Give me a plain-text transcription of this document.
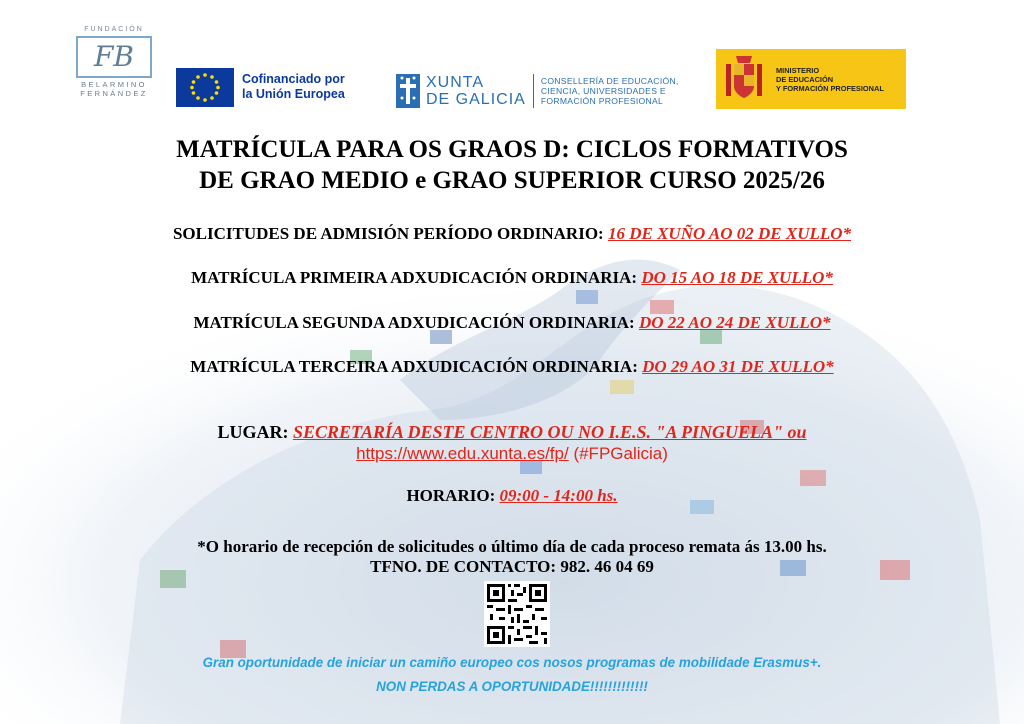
FUNDACIÓN
FB
BELARMINO
FERNÁNDEZ
Cofinanciado por
la Unión Europea
XUNTA
DE GALICIA
CONSELLERÍA DE EDUCACIÓN,
CIENCIA, UNIVERSIDADES E
FORMACIÓN PROFESIONAL
MINISTERIO
DE EDUCACIÓN
Y FORMACIÓN PROFESIONAL
MATRÍCULA PARA OS GRAOS D: CICLOS FORMATIVOS
DE GRAO MEDIO e GRAO SUPERIOR CURSO 2025/26
SOLICITUDES DE ADMISIÓN PERÍODO ORDINARIO: 16 DE XUÑO AO 02 DE XULLO*
MATRÍCULA PRIMEIRA ADXUDICACIÓN ORDINARIA: DO 15 AO 18 DE XULLO*
MATRÍCULA SEGUNDA ADXUDICACIÓN ORDINARIA: DO 22 AO 24 DE XULLO*
MATRÍCULA TERCEIRA ADXUDICACIÓN ORDINARIA: DO 29 AO 31 DE XULLO*
LUGAR: SECRETARÍA DESTE CENTRO OU NO I.E.S. "A PINGUELA" ou
https://www.edu.xunta.es/fp/ (#FPGalicia)
HORARIO: 09:00 - 14:00 hs.
*O horario de recepción de solicitudes o último día de cada proceso remata ás 13.00 hs.
TFNO. DE CONTACTO: 982. 46 04 69
Gran oportunidade de iniciar un camiño europeo cos nosos programas de mobilidade Erasmus+.
NON PERDAS A OPORTUNIDADE!!!!!!!!!!!!!
